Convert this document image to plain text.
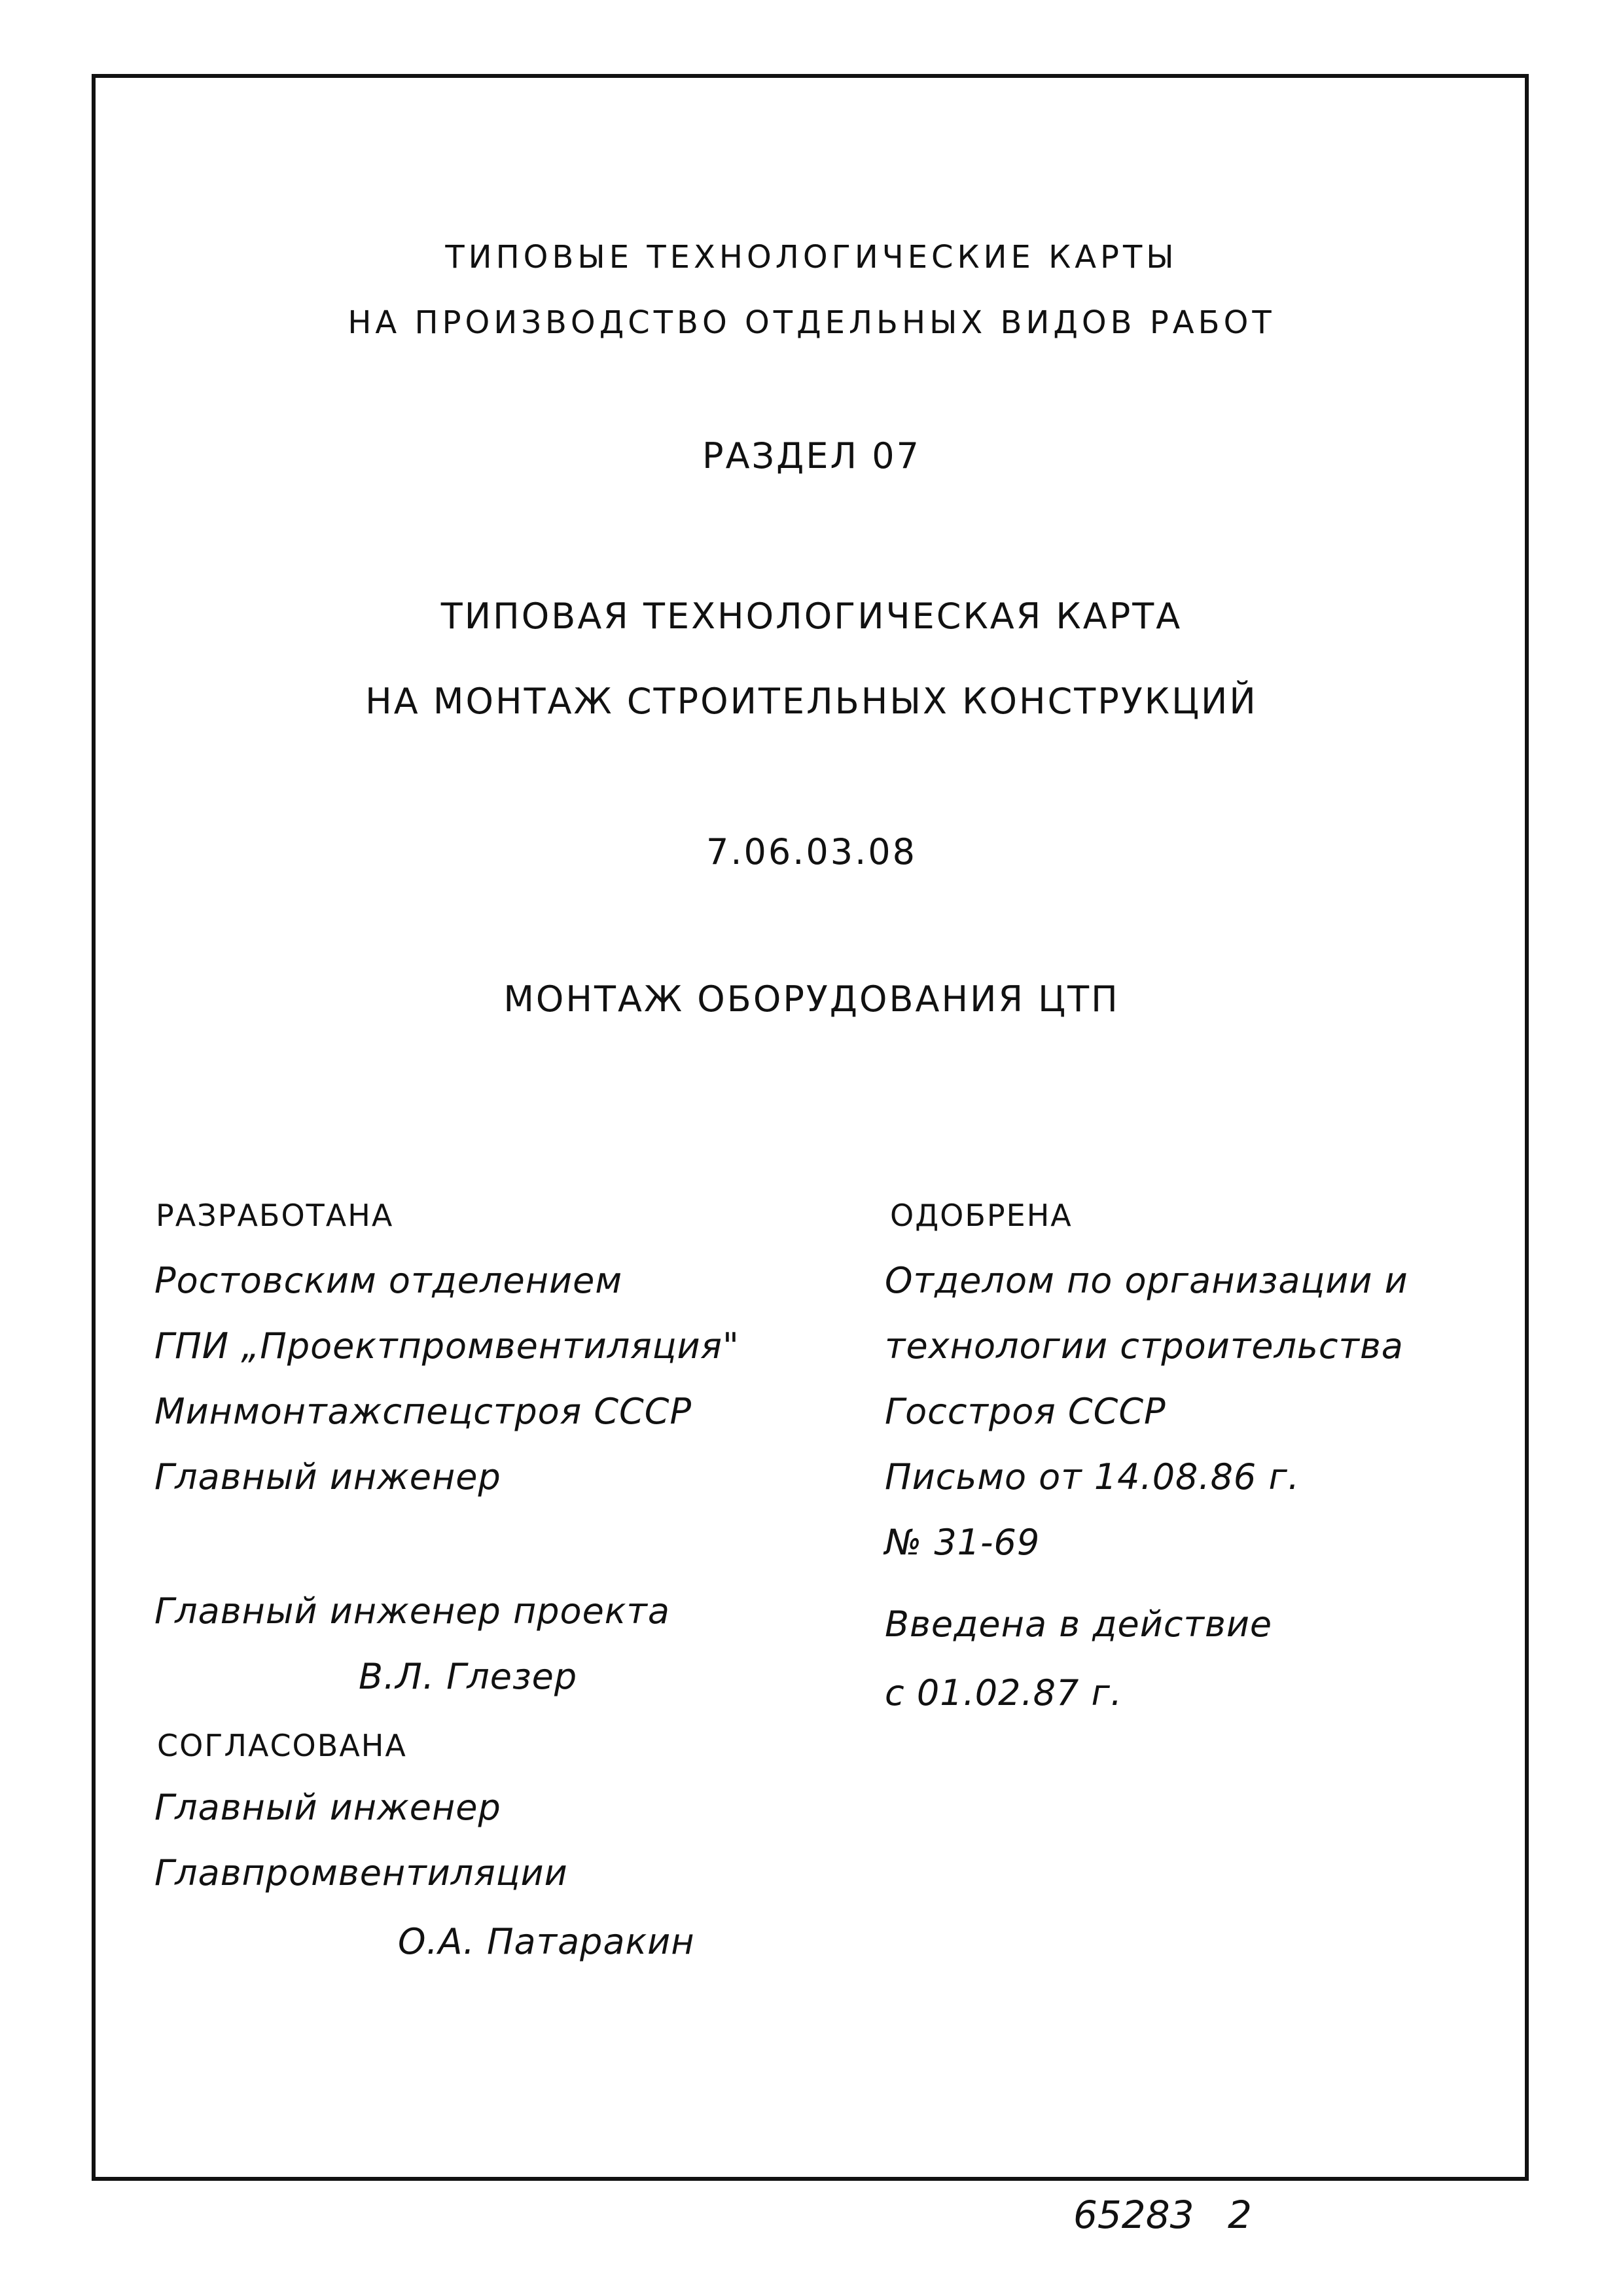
ТИПОВЫЕ ТЕХНОЛОГИЧЕСКИЕ КАРТЫ
НА ПРОИЗВОДСТВО ОТДЕЛЬНЫХ ВИДОВ РАБОТ
РАЗДЕЛ 07
ТИПОВАЯ ТЕХНОЛОГИЧЕСКАЯ КАРТА
НА МОНТАЖ СТРОИТЕЛЬНЫХ КОНСТРУКЦИЙ
7.06.03.08
МОНТАЖ ОБОРУДОВАНИЯ ЦТП
РАЗРАБОТАНА
Ростовским отделением
ГПИ „Проектпромвентиляция"
Минмонтажспецстроя СССР
Главный инженер
Главный инженер проекта
В.Л. Глезер
СОГЛАСОВАНА
Главный инженер
Главпромвентиляции
О.А. Патаракин
ОДОБРЕНА
Отделом по организации и
технологии строительства
Госстроя СССР
Письмо от 14.08.86 г.
№ 31-69
Введена в действие
с 01.02.87 г.
65283 2
